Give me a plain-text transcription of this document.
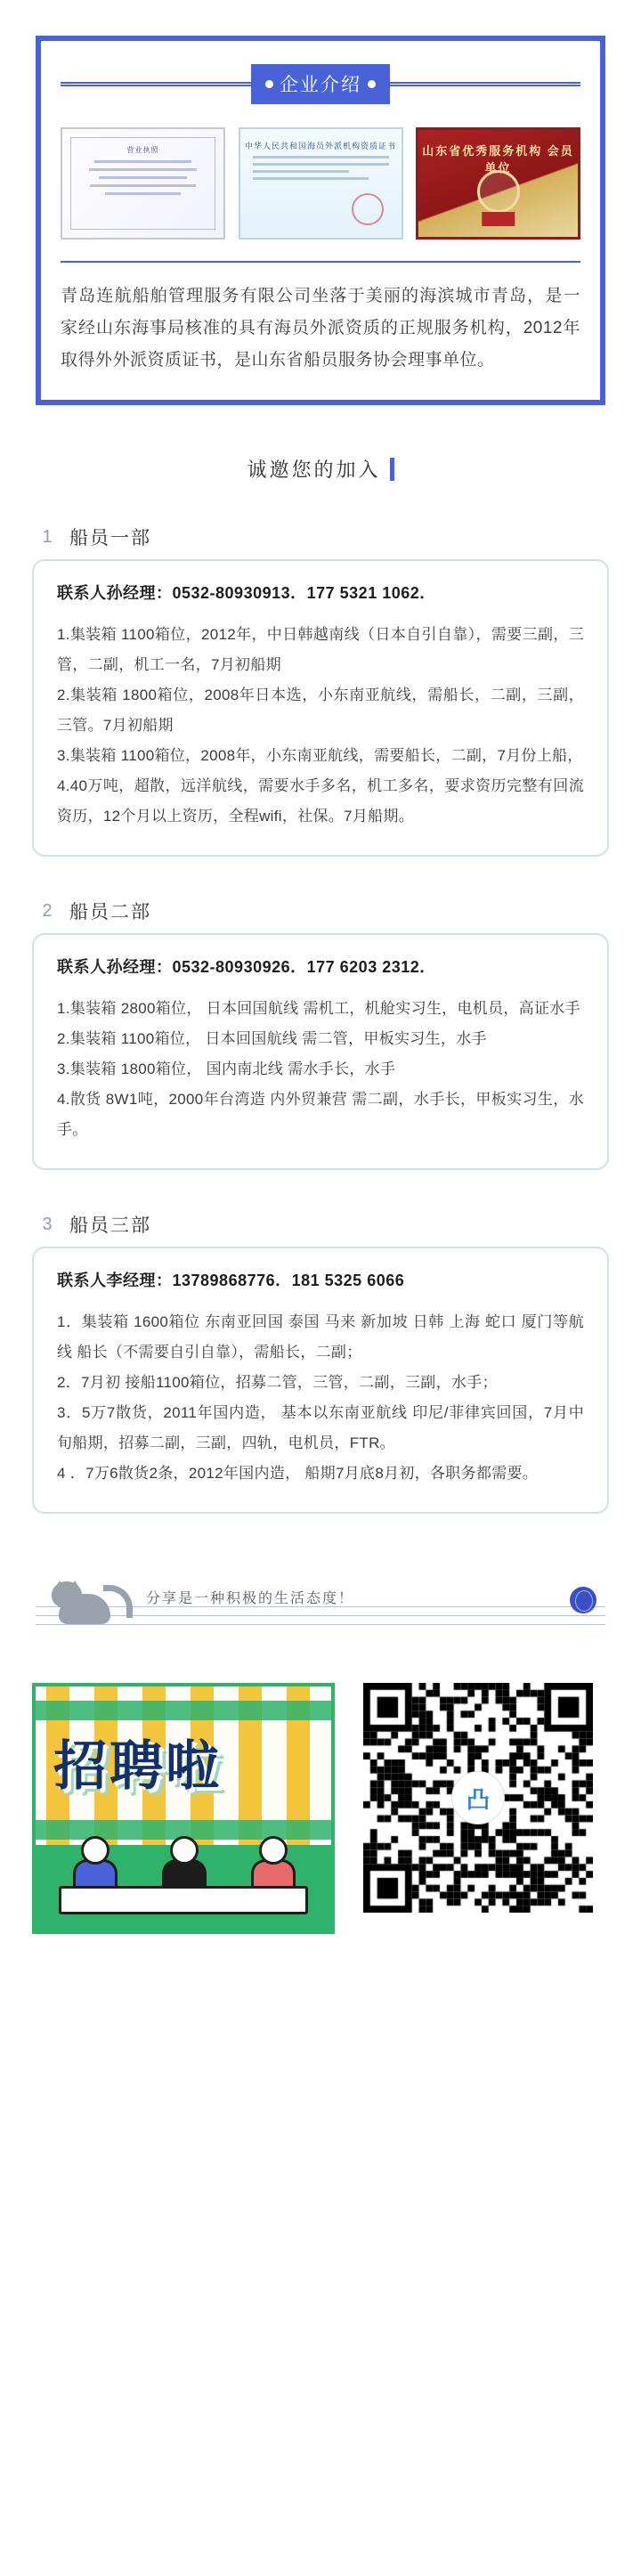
企业介绍
营业执照	中华人民共和国海员外派机构资质证书	山东省优秀服务机构 会员单位

青岛连航船舶管理服务有限公司坐落于美丽的海滨城市青岛，是一家经山东海事局核准的具有海员外派资质的正规服务机构，2012年取得外外派资质证书，是山东省船员服务协会理事单位。
诚邀您的加入
1 船员一部
联系人孙经理：0532-80930913．177 5321 1062．
1.集装箱 1100箱位，2012年，中日韩越南线（日本自引自靠），需要三副，三管，二副，机工一名，7月初船期
2.集装箱 1800箱位，2008年日本选，小东南亚航线，需船长，二副，三副，三管。7月初船期
3.集装箱 1100箱位，2008年，小东南亚航线，需要船长，二副，7月份上船，
4.40万吨，超散，远洋航线，需要水手多名，机工多名，要求资历完整有回流资历，12个月以上资历，全程wifi，社保。7月船期。
2 船员二部
联系人孙经理：0532-80930926．177 6203 2312．
1.集装箱 2800箱位， 日本回国航线 需机工，机舱实习生，电机员，高证水手
2.集装箱 1100箱位， 日本回国航线 需二管，甲板实习生，水手
3.集装箱 1800箱位， 国内南北线 需水手长，水手
4.散货 8W1吨，2000年台湾造 内外贸兼营 需二副，水手长，甲板实习生，水手。
3 船员三部
联系人李经理：13789868776．181 5325 6066
1．集装箱 1600箱位 东南亚回国 泰国 马来 新加坡 日韩 上海 蛇口 厦门等航线 船长（不需要自引自靠），需船长，二副；
2．7月初 接船1100箱位，招募二管，三管，二副，三副，水手；
3．5万7散货，2011年国内造， 基本以东南亚航线 印尼/菲律宾回国，7月中旬船期，招募二副，三副，四轨，电机员，FTR。
4 ．7万6散货2条，2012年国内造， 船期7月底8月初，各职务都需要。
分享是一种积极的生活态度！
招聘啦
凸
